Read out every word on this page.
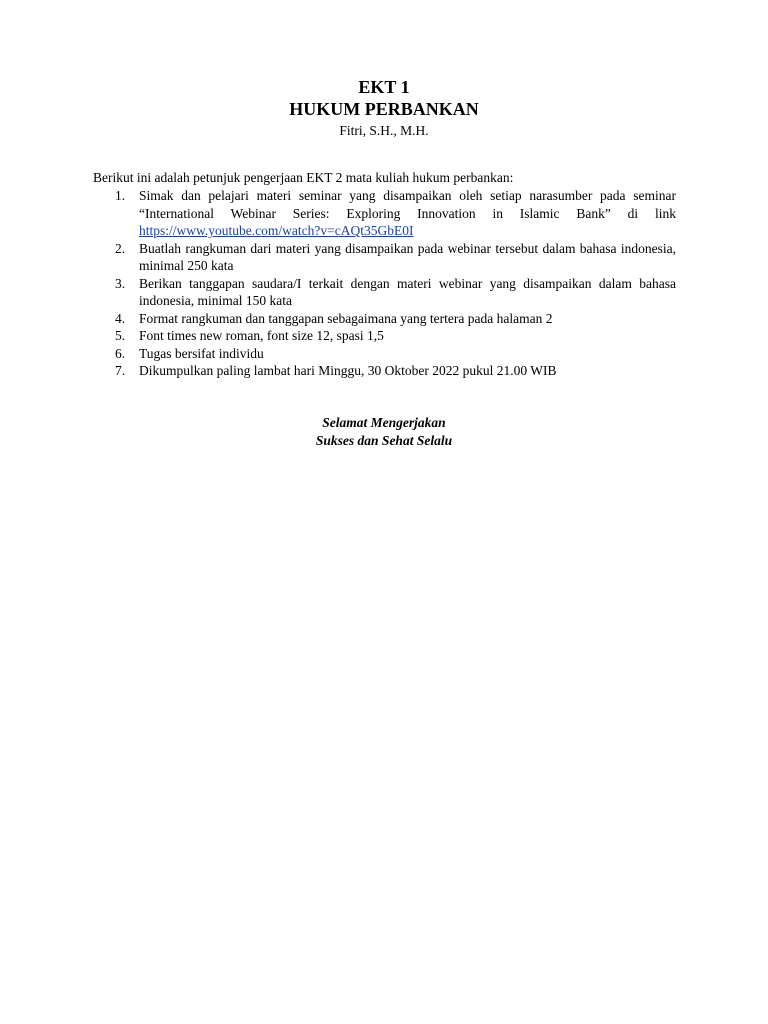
EKT 1
HUKUM PERBANKAN
Fitri, S.H., M.H.
Berikut ini adalah petunjuk pengerjaan EKT 2 mata kuliah hukum perbankan:
1. Simak dan pelajari materi seminar yang disampaikan oleh setiap narasumber pada seminar “International Webinar Series: Exploring Innovation in Islamic Bank” di link https://www.youtube.com/watch?v=cAQt35GbE0I
2. Buatlah rangkuman dari materi yang disampaikan pada webinar tersebut dalam bahasa indonesia, minimal 250 kata
3. Berikan tanggapan saudara/I terkait dengan materi webinar yang disampaikan dalam bahasa indonesia, minimal 150 kata
4. Format rangkuman dan tanggapan sebagaimana yang tertera pada halaman 2
5. Font times new roman, font size 12, spasi 1,5
6. Tugas bersifat individu
7. Dikumpulkan paling lambat hari Minggu, 30 Oktober 2022 pukul 21.00 WIB
Selamat Mengerjakan
Sukses dan Sehat Selalu
